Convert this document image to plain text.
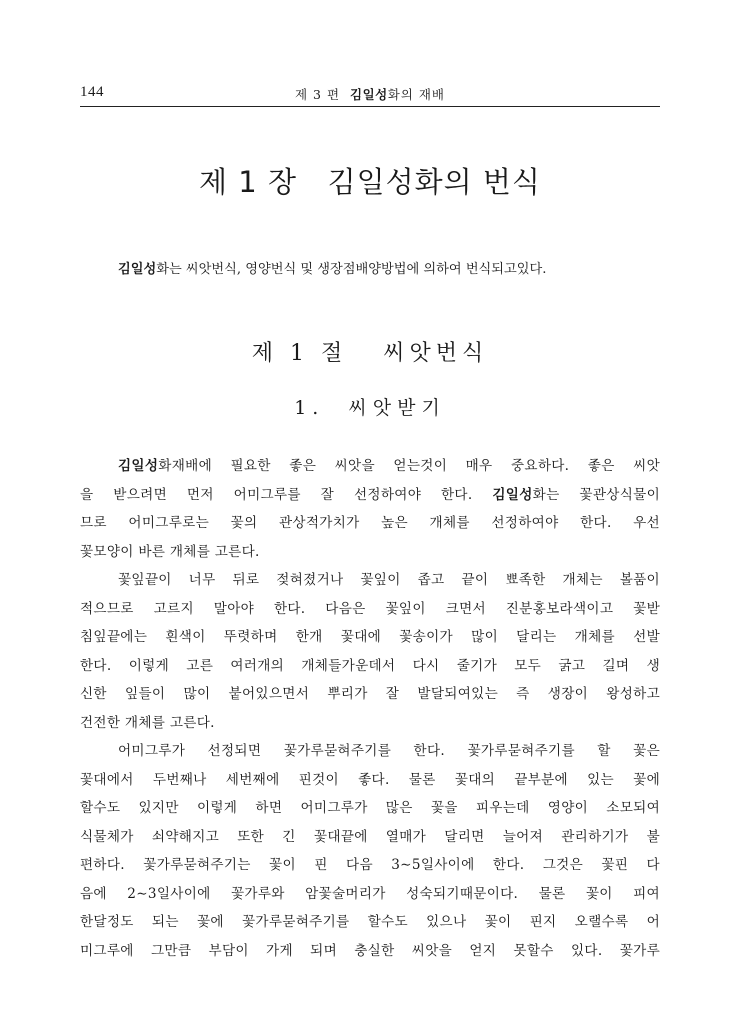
144	제 3 편 김일성화의 재배
제 1 장   김일성화의 번식

김일성화는 씨앗번식, 영양번식 및 생장점배양방법에 의하여 번식되고있다.

제 1 절   씨앗번식
1.  씨앗받기
김일성화재배에 필요한 좋은 씨앗을 얻는것이 매우 중요하다. 좋은 씨앗
을 받으려면 먼저 어미그루를 잘 선정하여야 한다. 김일성화는 꽃관상식물이
므로 어미그루로는 꽃의 관상적가치가 높은 개체를 선정하여야 한다. 우선
꽃모양이 바른 개체를 고른다.
꽃잎끝이 너무 뒤로 젖혀졌거나 꽃잎이 좁고 끝이 뾰족한 개체는 볼품이
적으므로 고르지 말아야 한다. 다음은 꽃잎이 크면서 진분홍보라색이고 꽃받
침잎끝에는 흰색이 뚜렷하며 한개 꽃대에 꽃송이가 많이 달리는 개체를 선발
한다. 이렇게 고른 여러개의 개체들가운데서 다시 줄기가 모두 굵고 길며 생
신한 잎들이 많이 붙어있으면서 뿌리가 잘 발달되여있는 즉 생장이 왕성하고
건전한 개체를 고른다.
어미그루가 선정되면 꽃가루묻혀주기를 한다. 꽃가루묻혀주기를 할 꽃은
꽃대에서 두번째나 세번째에 핀것이 좋다. 물론 꽃대의 끝부분에 있는 꽃에
할수도 있지만 이렇게 하면 어미그루가 많은 꽃을 피우는데 영양이 소모되여
식물체가 쇠약해지고 또한 긴 꽃대끝에 열매가 달리면 늘어져 관리하기가 불
편하다. 꽃가루묻혀주기는 꽃이 핀 다음 3∼5일사이에 한다. 그것은 꽃핀 다
음에 2∼3일사이에 꽃가루와 암꽃술머리가 성숙되기때문이다. 물론 꽃이 피여
한달정도 되는 꽃에 꽃가루묻혀주기를 할수도 있으나 꽃이 핀지 오랠수록 어
미그루에 그만큼 부담이 가게 되며 충실한 씨앗을 얻지 못할수 있다. 꽃가루
